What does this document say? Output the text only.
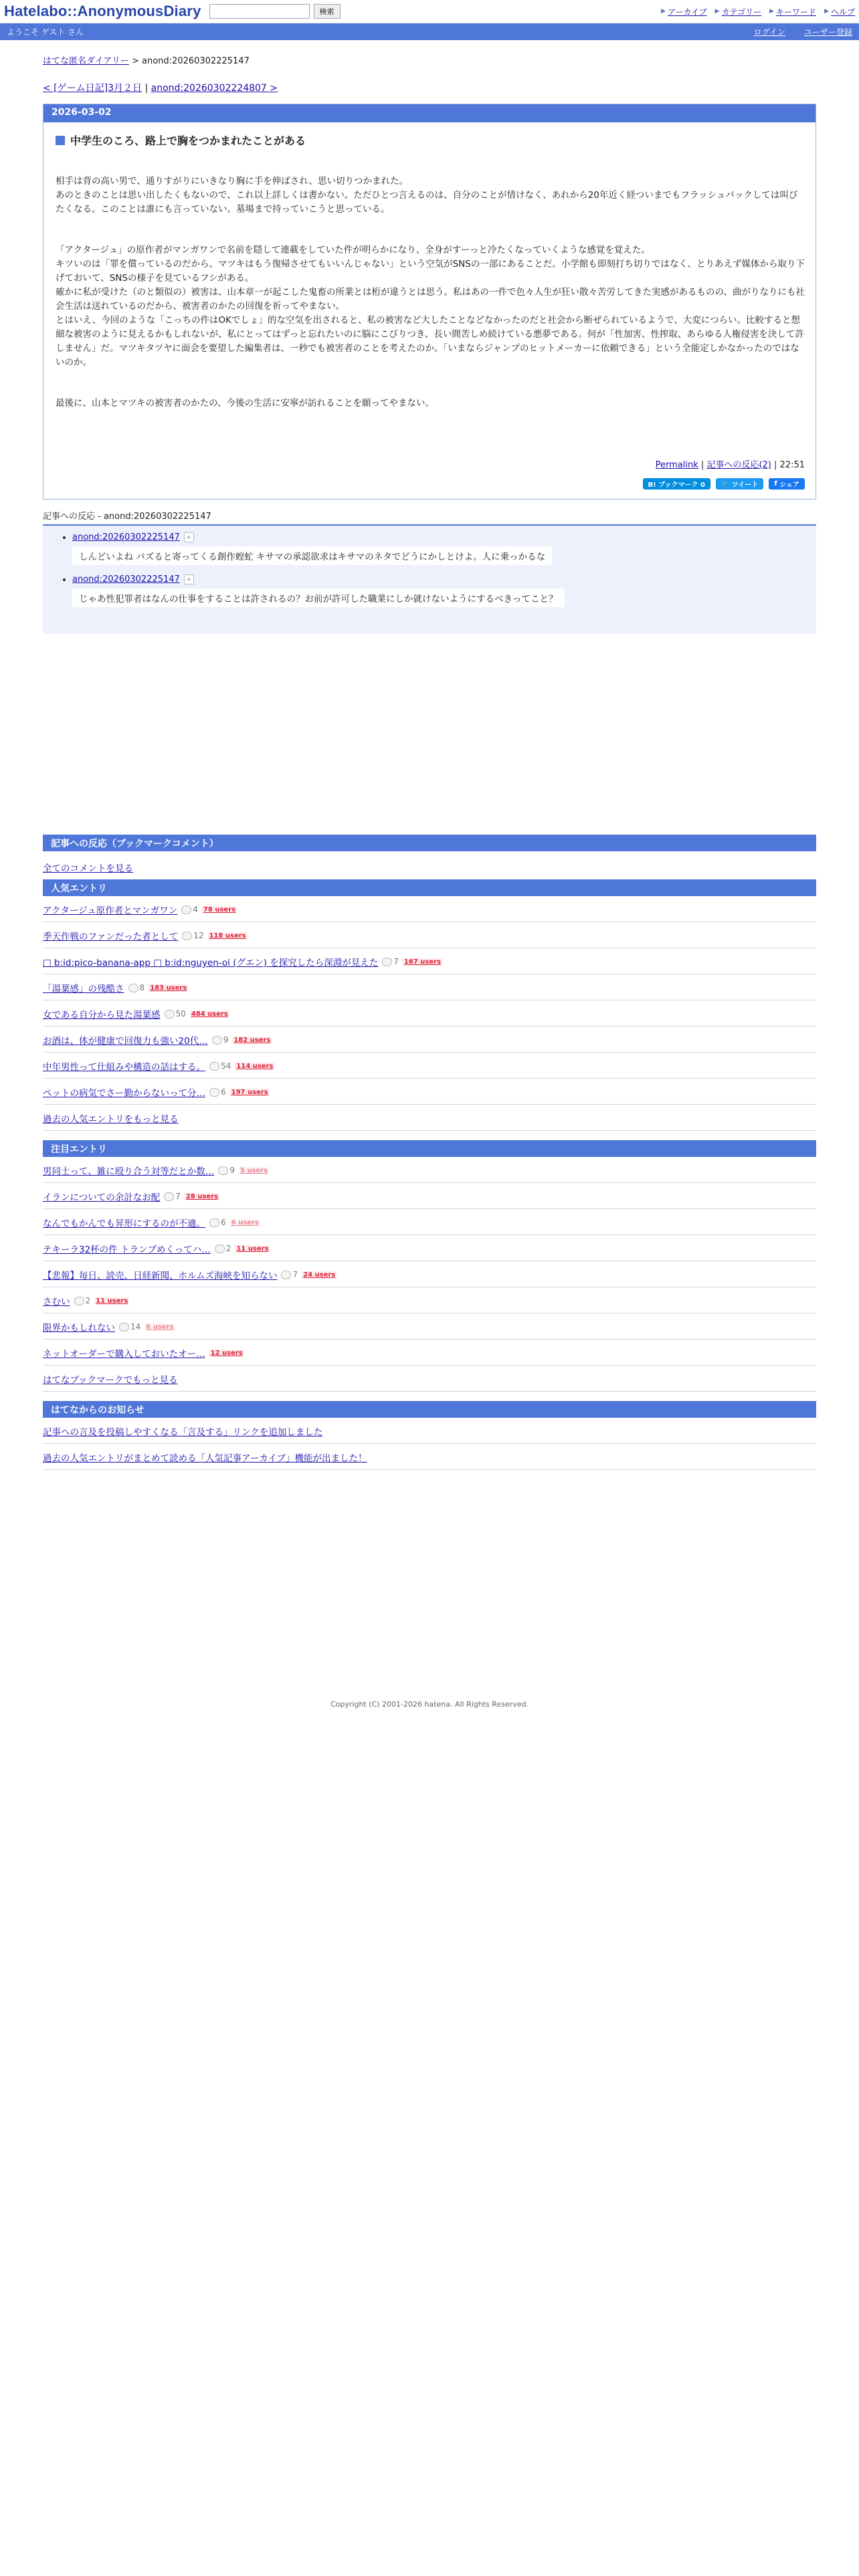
Hatelabo::AnonymousDiary	検索	▶ アーカイブ ▶ カテゴリー ▶ キーワード ▶ ヘルプ
ようこそ ゲスト さん	ログイン ユーザー登録
はてな匿名ダイアリー > anond:20260302225147
< [ゲーム日記]3月２日 | anond:20260302224807 >
2026-03-02
中学生のころ、路上で胸をつかまれたことがある

相手は背の高い男で、通りすがりにいきなり胸に手を伸ばされ、思い切りつかまれた。

あのときのことは思い出したくもないので、これ以上詳しくは書かない。ただひとつ言えるのは、自分のことが情けなく、あれから20年近く経ついまでもフラッシュバックしては叫びたくなる。このことは誰にも言っていない。墓場まで持っていこうと思っている。

「アクタージュ」の原作者がマンガワンで名前を隠して連載をしていた件が明らかになり、全身がすーっと冷たくなっていくような感覚を覚えた。

キツいのは「罪を償っているのだから、マツキはもう復帰させてもいいんじゃない」という空気がSNSの一部にあることだ。小学館も即刻打ち切りではなく、とりあえず媒体から取り下げておいて、SNSの様子を見ているフシがある。

確かに私が受けた（のと類似の）被害は、山本章一が起こした鬼畜の所業とは桁が違うとは思う。私はあの一件で色々人生が狂い散々苦労してきた実感があるものの、曲がりなりにも社会生活は送れているのだから、被害者のかたの回復を祈ってやまない。

とはいえ、今回のような「こっちの件はOKでしょ」的な空気を出されると、私の被害など大したことなどなかったのだと社会から断ぜられているようで、大変につらい。比較すると想細な被害のように見えるかもしれないが、私にとってはずっと忘れたいのに脳にこびりつき、長い間苦しめ続けている悪夢である。何が「性加害、性搾取、あらゆる人権侵害を決して許しません」だ。マツキタツヤに面会を要望した編集者は、一秒でも被害者のことを考えたのか。「いまならジャンプのヒットメーカーに依頼できる」という全能定しかなかったのではないのか。

最後に、山本とマツキの被害者のかたの、今後の生活に安寧が訪れることを願ってやまない。

Permalink | 記事への反応(2) | 22:51
B! ブックマーク 0	🐦 ツイート f シェア
記事への反応 - anond:20260302225147
• anond:20260302225147	+
しんどいよね バズると寄ってくる創作蝗虻 キサマの承認欲求はキサマのネタでどうにかしとけよ。人に乗っかるな
• anond:20260302225147	+
じゃあ性犯罪者はなんの仕事をすることは許されるの？お前が許可した職業にしか就けないようにするべきってこと？
記事への反応（ブックマークコメント）
全てのコメントを見る
人気エントリ
アクタージュ原作者とマンガワン 4 78 users
季天作戦のファンだった者として 12 118 users
□ b:id:pico-banana-app □ b:id:nguyen-oi (グエン) を探究したら深淵が見えた 7 167 users
「湯葉感」の残酷さ 8 183 users
女である自分から見た湯葉感 50 484 users
お酒は、体が健康で回復力も強い20代… 9 182 users
中年男性って仕組みや構造の話はする。 54 114 users
ペットの病気でさー勤からないって分… 6 197 users
過去の人気エントリをもっと見る
注目エントリ
男同士って、雑に殴り合う対等だとか数… 9 5 users
イランについての余計なお配 7 28 users
なんでもかんでも昇形にするのが不適。 6 6 users
テキーラ32杯の件 トランプめくってハ… 2 11 users
【悲報】毎日、読売、日経新聞、ホルムズ海峡を知らない 7 24 users
さむい 2 11 users
限界かもしれない 14 6 users
ネットオーダーで購入しておいたオー… 12 users
はてなブックマークでもっと見る
はてなからのお知らせ
記事への言及を投稿しやすくなる「言及する」リンクを追加しました
過去の人気エントリがまとめて読める「人気記事アーカイブ」機能が出ました！
Copyright (C) 2001-2026 hatena. All Rights Reserved.
